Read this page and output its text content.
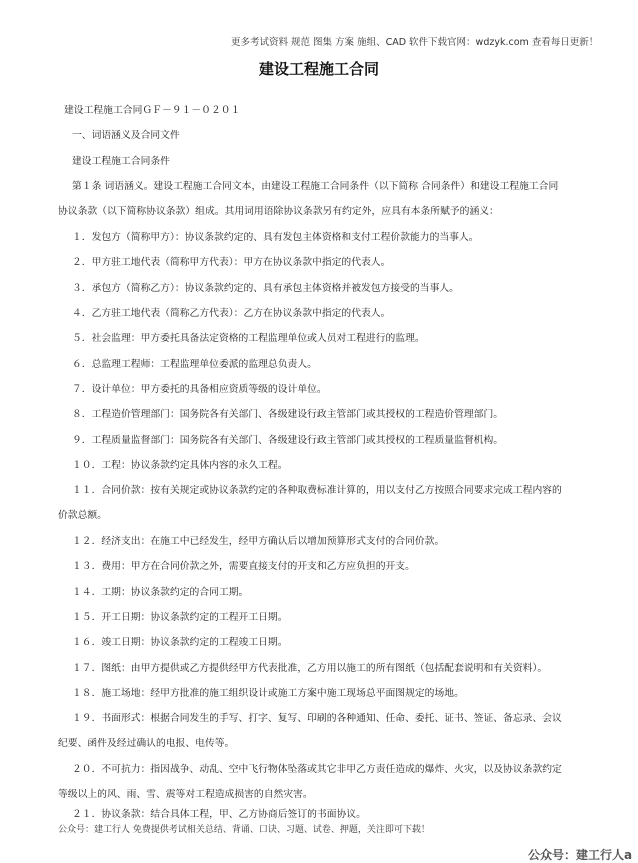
更多考试资料 规范 图集 方案 施组、CAD 软件下载官网：wdzyk.com 查看每日更新！
建设工程施工合同
建设工程施工合同ＧＦ－９１－０２０１
一、词语涵义及合同文件
建设工程施工合同条件
第１条 词语涵义。建设工程施工合同文本，由建设工程施工合同条件（以下简称 合同条件）和建设工程施工合同
协议条款（以下简称协议条款）组成。其用词用语除协议条款另有约定外，应具有本条所赋予的涵义：
１．发包方（简称甲方）：协议条款约定的、具有发包主体资格和支付工程价款能力的当事人。
２．甲方驻工地代表（简称甲方代表）：甲方在协议条款中指定的代表人。
３．承包方（简称乙方）：协议条款约定的、具有承包主体资格并被发包方接受的当事人。
４．乙方驻工地代表（简称乙方代表）：乙方在协议条款中指定的代表人。
５．社会监理：甲方委托具备法定资格的工程监理单位或人员对工程进行的监理。
６．总监理工程师：工程监理单位委派的监理总负责人。
７．设计单位：甲方委托的具备相应资质等级的设计单位。
８．工程造价管理部门：国务院各有关部门、各级建设行政主管部门或其授权的工程造价管理部门。
９．工程质量监督部门：国务院各有关部门、各级建设行政主管部门或其授权的工程质量监督机构。
１０．工程：协议条款约定具体内容的永久工程。
１１．合同价款：按有关规定或协议条款约定的各种取费标准计算的，用以支付乙方按照合同要求完成工程内容的
价款总额。
１２．经济支出：在施工中已经发生，经甲方确认后以增加预算形式支付的合同价款。
１３．费用：甲方在合同价款之外，需要直接支付的开支和乙方应负担的开支。
１４．工期：协议条款约定的合同工期。
１５．开工日期：协议条款约定的工程开工日期。
１６．竣工日期：协议条款约定的工程竣工日期。
１７．图纸：由甲方提供或乙方提供经甲方代表批准，乙方用以施工的所有图纸（包括配套说明和有关资料）。
１８．施工场地：经甲方批准的施工组织设计或施工方案中施工现场总平面图规定的场地。
１９．书面形式：根据合同发生的手写、打字、复写、印刷的各种通知、任命、委托、证书、签证、备忘录、会议
纪要、函件及经过确认的电报、电传等。
２０．不可抗力：指因战争、动乱、空中飞行物体坠落或其它非甲乙方责任造成的爆炸、火灾，以及协议条款约定
等级以上的风、雨、雪、震等对工程造成损害的自然灾害。
２１．协议条款：结合具体工程，甲、乙方协商后签订的书面协议。
公众号：建工行人 免费提供考试相关总结、背诵、口诀、习题、试卷、押题，关注即可下载！
公众号：建工行人a
